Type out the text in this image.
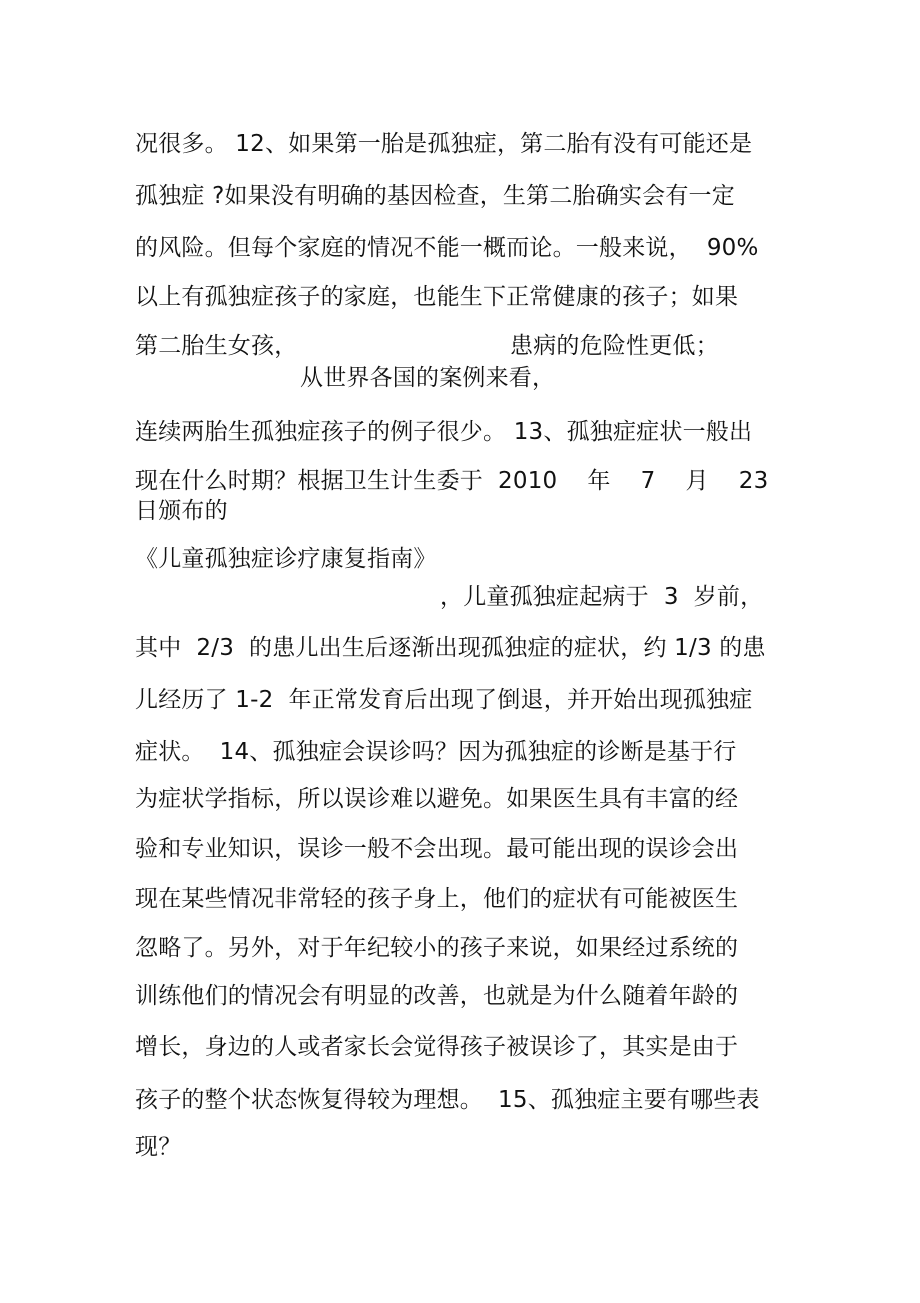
况很多。 12、如果第一胎是孤独症，第二胎有没有可能还是
孤独症 ?如果没有明确的基因检查，生第二胎确实会有一定
的风险。但每个家庭的情况不能一概而论。一般来说，  90%
以上有孤独症孩子的家庭，也能生下正常健康的孩子；如果
第二胎生女孩，	患病的危险性更低；
从世界各国的案例来看，
连续两胎生孤独症孩子的例子很少。 13、孤独症症状一般出
现在什么时期？根据卫生计生委于  2010    年    7    月    23
日颁布的
《儿童孤独症诊疗康复指南》
，儿童孤独症起病于  3  岁前，
其中  2/3  的患儿出生后逐渐出现孤独症的症状，约 1/3 的患
儿经历了 1-2  年正常发育后出现了倒退，并开始出现孤独症
症状。  14、孤独症会误诊吗？因为孤独症的诊断是基于行
为症状学指标，所以误诊难以避免。如果医生具有丰富的经
验和专业知识，误诊一般不会出现。最可能出现的误诊会出
现在某些情况非常轻的孩子身上，他们的症状有可能被医生
忽略了。另外，对于年纪较小的孩子来说，如果经过系统的
训练他们的情况会有明显的改善，也就是为什么随着年龄的
增长，身边的人或者家长会觉得孩子被误诊了，其实是由于
孩子的整个状态恢复得较为理想。  15、孤独症主要有哪些表
现？
